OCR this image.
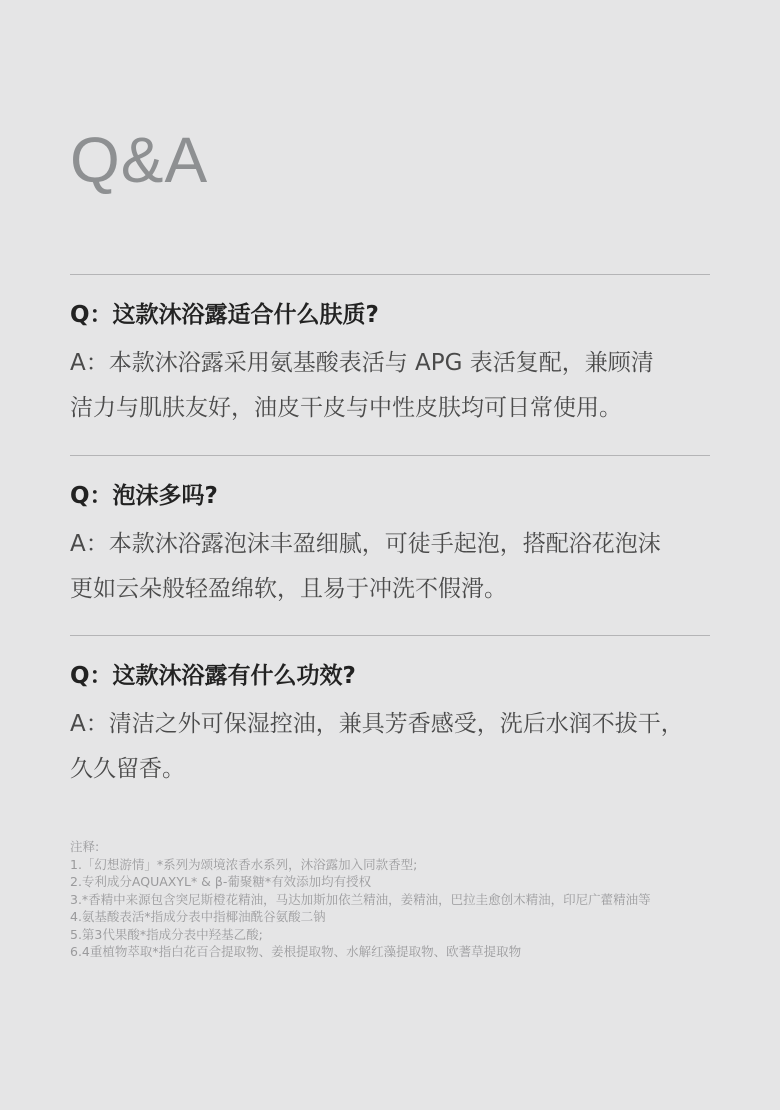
Q&A
Q：这款沐浴露适合什么肤质?
A：本款沐浴露采用氨基酸表活与 APG 表活复配，兼顾清
洁力与肌肤友好，油皮干皮与中性皮肤均可日常使用。
Q：泡沫多吗?
A：本款沐浴露泡沫丰盈细腻，可徒手起泡，搭配浴花泡沫
更如云朵般轻盈绵软，且易于冲洗不假滑。
Q：这款沐浴露有什么功效?
A：清洁之外可保湿控油，兼具芳香感受，洗后水润不拔干，
久久留香。
注释:
1.「幻想游情」*系列为颂境浓香水系列，沐浴露加入同款香型;
2.专利成分AQUAXYL* & β-葡聚糖*有效添加均有授权
3.*香精中来源包含突尼斯橙花精油，马达加斯加依兰精油，姜精油，巴拉圭愈创木精油，印尼广藿精油等
4.氨基酸表活*指成分表中指椰油酰谷氨酸二钠
5.第3代果酸*指成分表中羟基乙酸;
6.4重植物萃取*指白花百合提取物、姜根提取物、水解红藻提取物、欧蓍草提取物
